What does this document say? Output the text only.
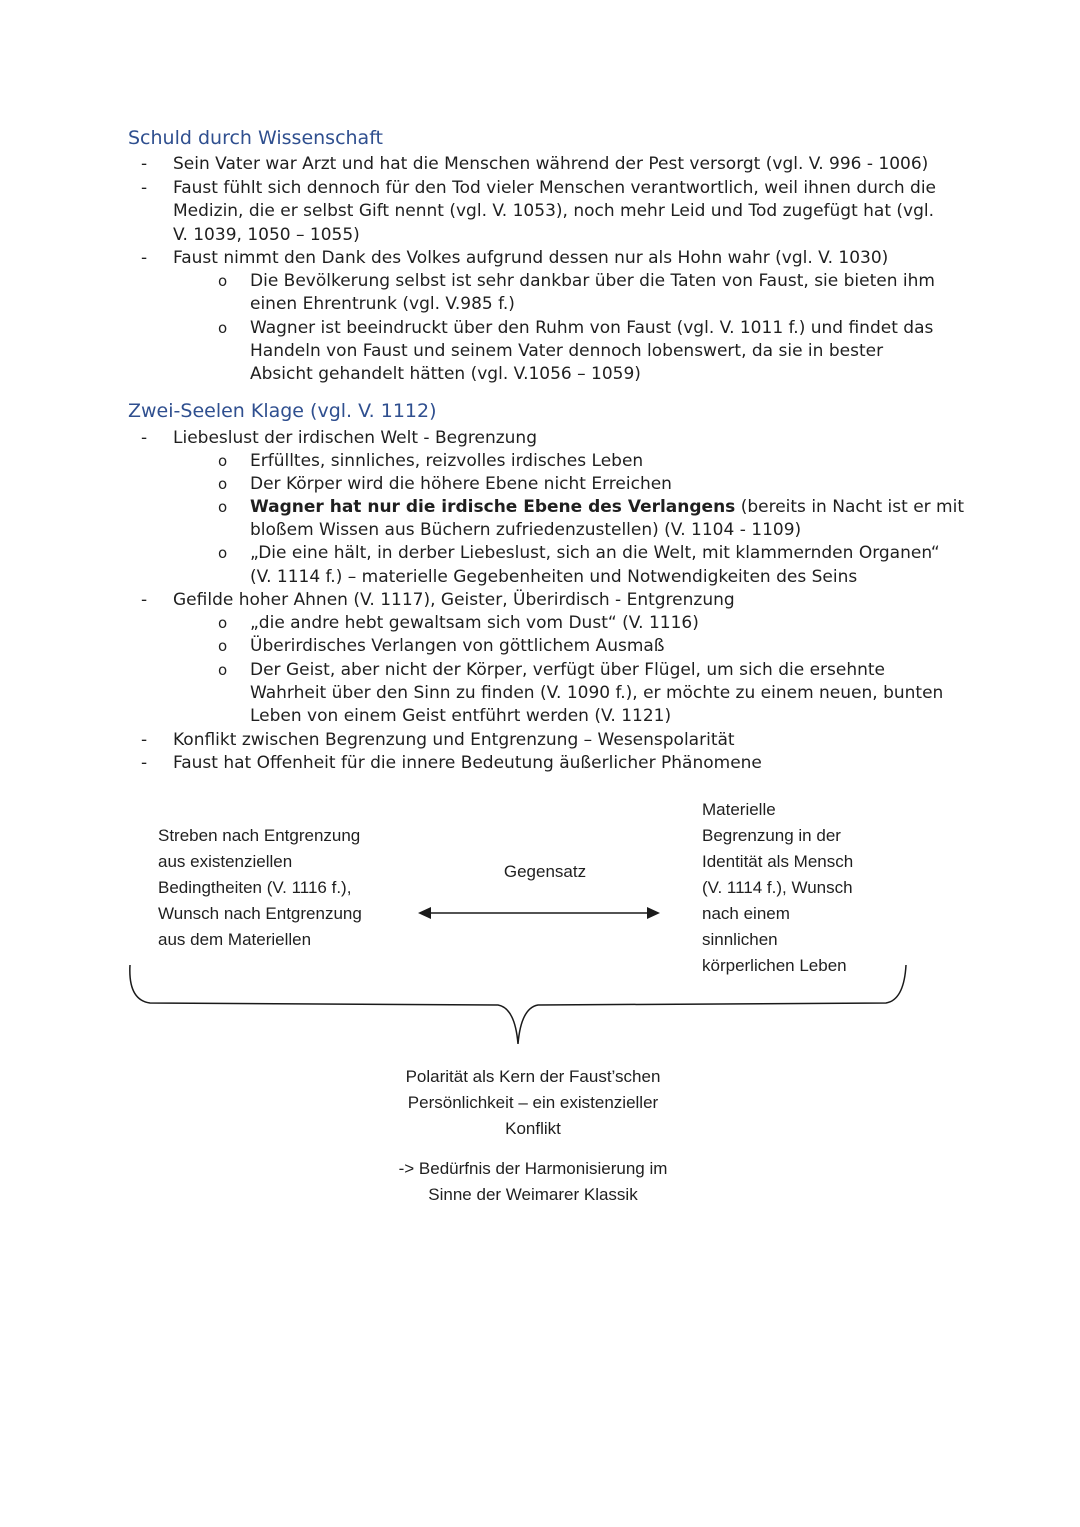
Schuld durch Wissenschaft
- Sein Vater war Arzt und hat die Menschen während der Pest versorgt (vgl. V. 996 - 1006)

- Faust fühlt sich dennoch für den Tod vieler Menschen verantwortlich, weil ihnen durch die

Medizin, die er selbst Gift nennt (vgl. V. 1053), noch mehr Leid und Tod zugefügt hat (vgl.

V. 1039, 1050 – 1055)

- Faust nimmt den Dank des Volkes aufgrund dessen nur als Hohn wahr (vgl. V. 1030)

o Die Bevölkerung selbst ist sehr dankbar über die Taten von Faust, sie bieten ihm

einen Ehrentrunk (vgl. V.985 f.)

o Wagner ist beeindruckt über den Ruhm von Faust (vgl. V. 1011 f.) und findet das

Handeln von Faust und seinem Vater dennoch lobenswert, da sie in bester

Absicht gehandelt hätten (vgl. V.1056 – 1059)

Zwei-Seelen Klage (vgl. V. 1112)
- Liebeslust der irdischen Welt - Begrenzung

o Erfülltes, sinnliches, reizvolles irdisches Leben

o Der Körper wird die höhere Ebene nicht Erreichen

o Wagner hat nur die irdische Ebene des Verlangens (bereits in Nacht ist er mit

bloßem Wissen aus Büchern zufriedenzustellen) (V. 1104 - 1109)

o „Die eine hält, in derber Liebeslust, sich an die Welt, mit klammernden Organen“

(V. 1114 f.) – materielle Gegebenheiten und Notwendigkeiten des Seins

- Gefilde hoher Ahnen (V. 1117), Geister, Überirdisch - Entgrenzung

o „die andre hebt gewaltsam sich vom Dust“ (V. 1116)

o Überirdisches Verlangen von göttlichem Ausmaß

o Der Geist, aber nicht der Körper, verfügt über Flügel, um sich die ersehnte

Wahrheit über den Sinn zu finden (V. 1090 f.), er möchte zu einem neuen, bunten

Leben von einem Geist entführt werden (V. 1121)

- Konflikt zwischen Begrenzung und Entgrenzung – Wesenspolarität

- Faust hat Offenheit für die innere Bedeutung äußerlicher Phänomene

Streben nach Entgrenzung
aus existenziellen
Bedingtheiten (V. 1116 f.),
Wunsch nach Entgrenzung
aus dem Materiellen
Gegensatz
Materielle
Begrenzung in der
Identität als Mensch
(V. 1114 f.), Wunsch
nach einem
sinnlichen
körperlichen Leben
Polarität als Kern der Faust’schen
Persönlichkeit – ein existenzieller
Konflikt
-> Bedürfnis der Harmonisierung im
Sinne der Weimarer Klassik
